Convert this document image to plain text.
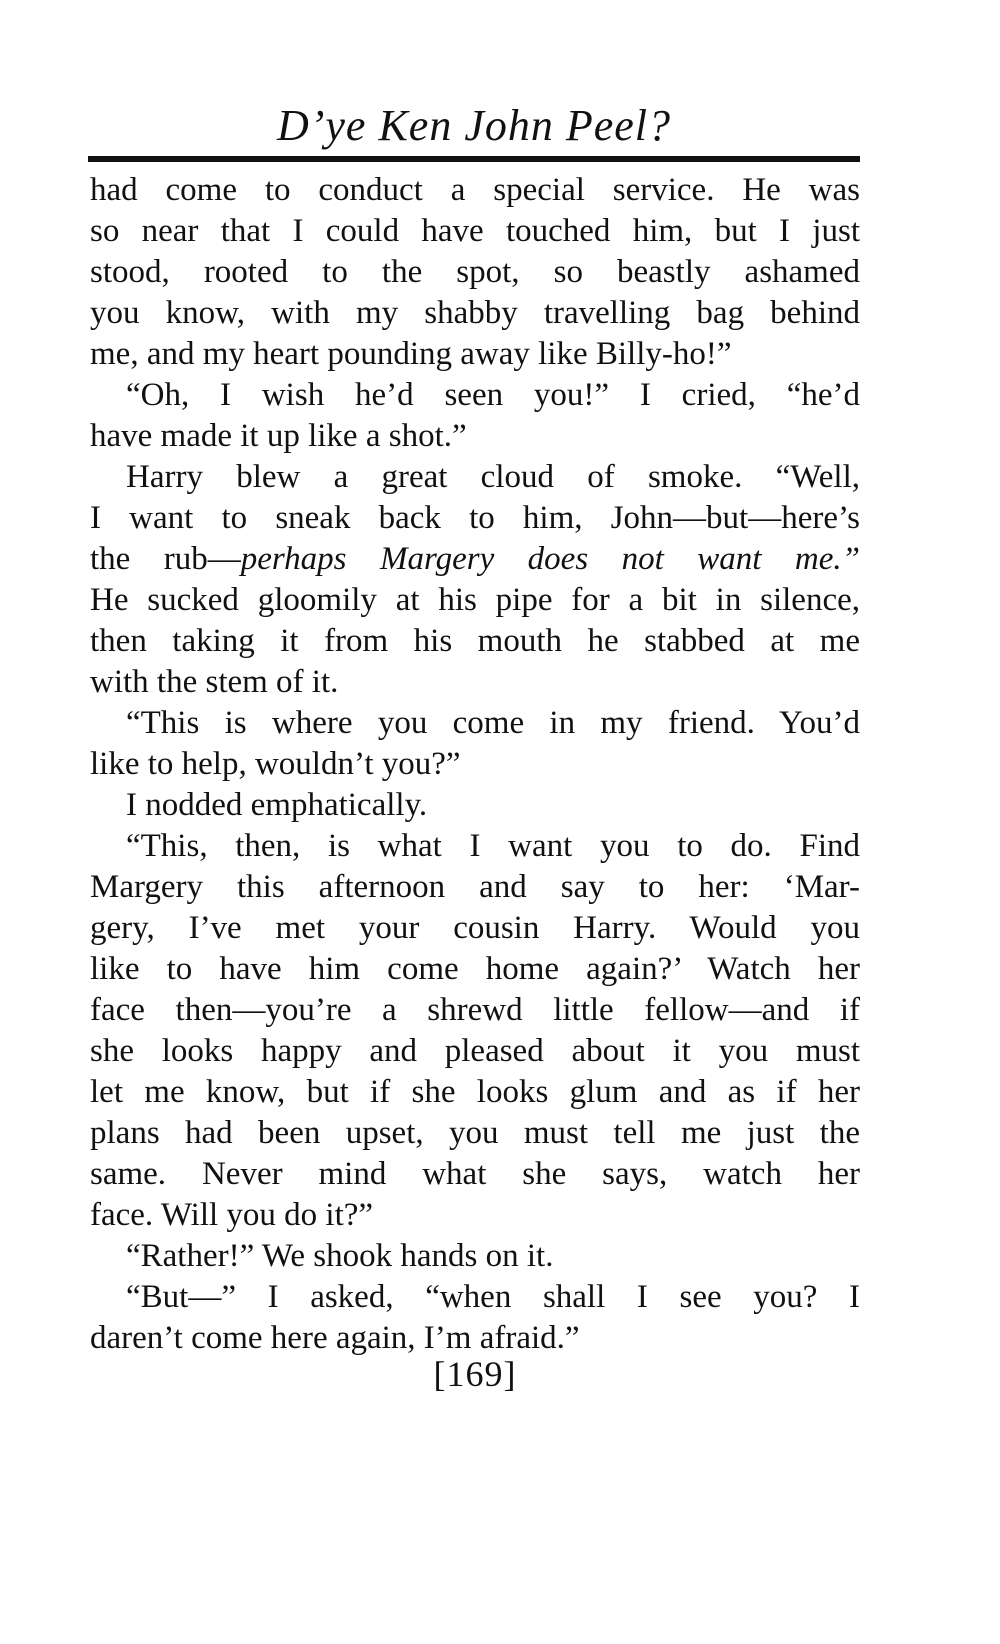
D’ye Ken John Peel?
had come to conduct a special service. He was
so near that I could have touched him, but I just
stood, rooted to the spot, so beastly ashamed
you know, with my shabby travelling bag behind
me, and my heart pounding away like Billy-ho!”
“Oh, I wish he’d seen you!” I cried, “he’d
have made it up like a shot.”
Harry blew a great cloud of smoke. “Well,
I want to sneak back to him, John—but—here’s
the rub—perhaps Margery does not want me.”
He sucked gloomily at his pipe for a bit in silence,
then taking it from his mouth he stabbed at me
with the stem of it.
“This is where you come in my friend. You’d
like to help, wouldn’t you?”
I nodded emphatically.
“This, then, is what I want you to do. Find
Margery this afternoon and say to her: ‘Mar-
gery, I’ve met your cousin Harry. Would you
like to have him come home again?’ Watch her
face then—you’re a shrewd little fellow—and if
she looks happy and pleased about it you must
let me know, but if she looks glum and as if her
plans had been upset, you must tell me just the
same. Never mind what she says, watch her
face. Will you do it?”
“Rather!” We shook hands on it.
“But—” I asked, “when shall I see you? I
daren’t come here again, I’m afraid.”
[169]
